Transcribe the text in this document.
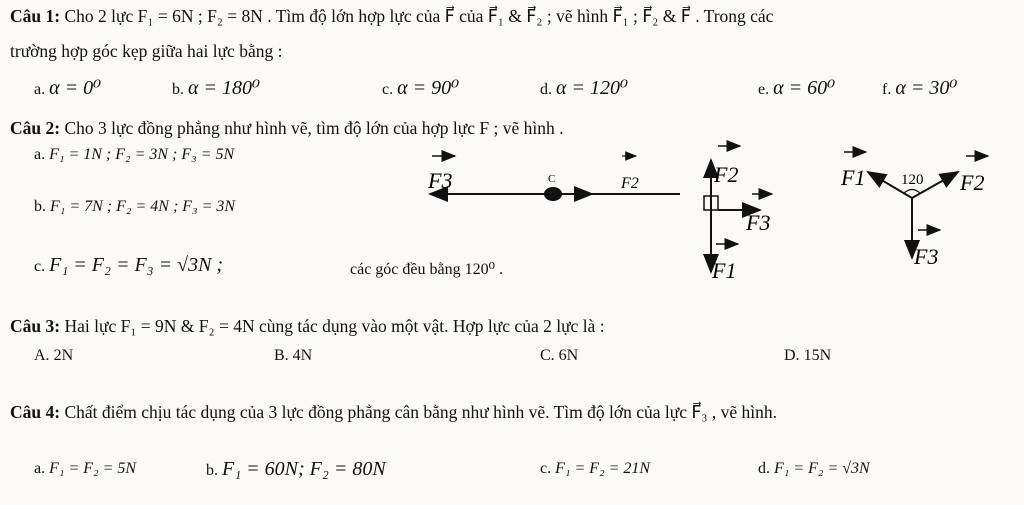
Câu 1: Cho 2 lực F₁ = 6N ; F₂ = 8N . Tìm độ lớn hợp lực của F⃗ của F⃗₁ & F⃗₂ ; vẽ hình F⃗₁ ; F⃗₂ & F⃗ . Trong các
trường hợp góc kẹp giữa hai lực bằng :
a. α = 0⁰	b. α = 180⁰	c. α = 90⁰	d. α = 120⁰	e. α = 60⁰	f. α = 30⁰
Câu 2: Cho 3 lực đồng phẳng như hình vẽ, tìm độ lớn của hợp lực F ; vẽ hình .
a. F₁ = 1N ; F₂ = 3N ; F₃ = 5N
b. F₁ = 7N ; F₂ = 4N ; F₃ = 3N
c. F₁ = F₂ = F₃ = √3N ;	các góc đều bằng 120⁰ .
F3	C	F2	F2
F3
F1
F1 120 F2
F3
Câu 3: Hai lực F₁ = 9N & F₂ = 4N cùng tác dụng vào một vật. Hợp lực của 2 lực là :
A. 2N	B. 4N	C. 6N	D. 15N
Câu 4: Chất điểm chịu tác dụng của 3 lực đồng phẳng cân bằng như hình vẽ. Tìm độ lớn của lực F⃗₃ , vẽ hình.
a. F₁ = F₂ = 5N	b. F₁ = 60N; F₂ = 80N	c. F₁ = F₂ = 21N	d. F₁ = F₂ = √3N
